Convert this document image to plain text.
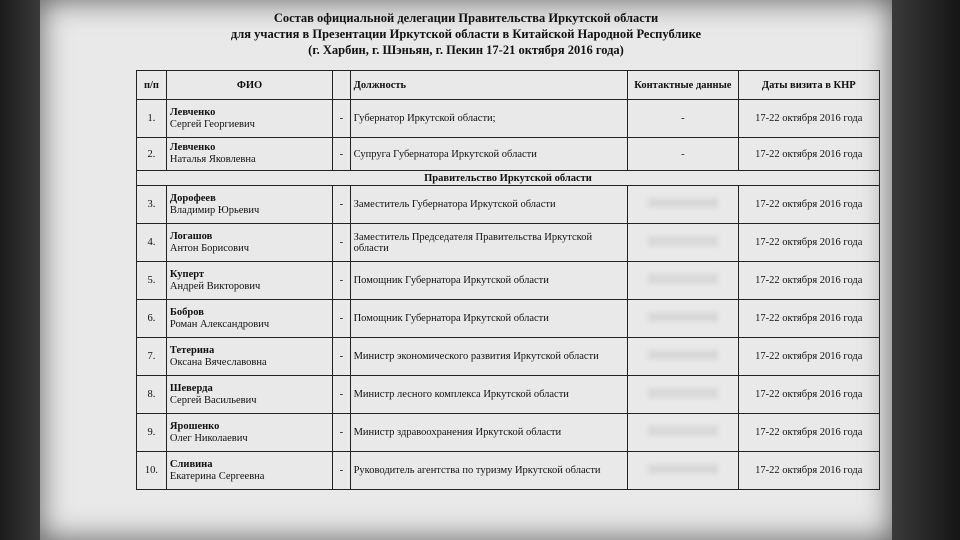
Состав официальной делегации Правительства Иркутской области
для участия в Презентации Иркутской области в Китайской Народной Республике
(г. Харбин, г. Шэньян, г. Пекин 17-21 октября 2016 года)
п/п	ФИО		Должность	Контактные данные	Даты визита в КНР
1.	Левченко
Сергей Георгиевич	-	Губернатор Иркутской области;	-	17-22 октября 2016 года
2.	Левченко
Наталья Яковлевна	-	Супруга Губернатора Иркутской области	-	17-22 октября 2016 года
Правительство Иркутской области					
3.	Дорофеев
Владимир Юрьевич	-	Заместитель Губернатора Иркутской области		17-22 октября 2016 года
4.	Логашов
Антон Борисович	-	Заместитель Председателя Правительства Иркутской области		17-22 октября 2016 года
5.	Куперт
Андрей Викторович	-	Помощник Губернатора Иркутской области		17-22 октября 2016 года
6.	Бобров
Роман Александрович	-	Помощник Губернатора Иркутской области		17-22 октября 2016 года
7.	Тетерина
Оксана Вячеславовна	-	Министр экономического развития Иркутской области		17-22 октября 2016 года
8.	Шеверда
Сергей Васильевич	-	Министр лесного комплекса Иркутской области		17-22 октября 2016 года
9.	Ярошенко
Олег Николаевич	-	Министр здравоохранения Иркутской области		17-22 октября 2016 года
10.	Сливина
Екатерина Сергеевна	-	Руководитель агентства по туризму Иркутской области		17-22 октября 2016 года
